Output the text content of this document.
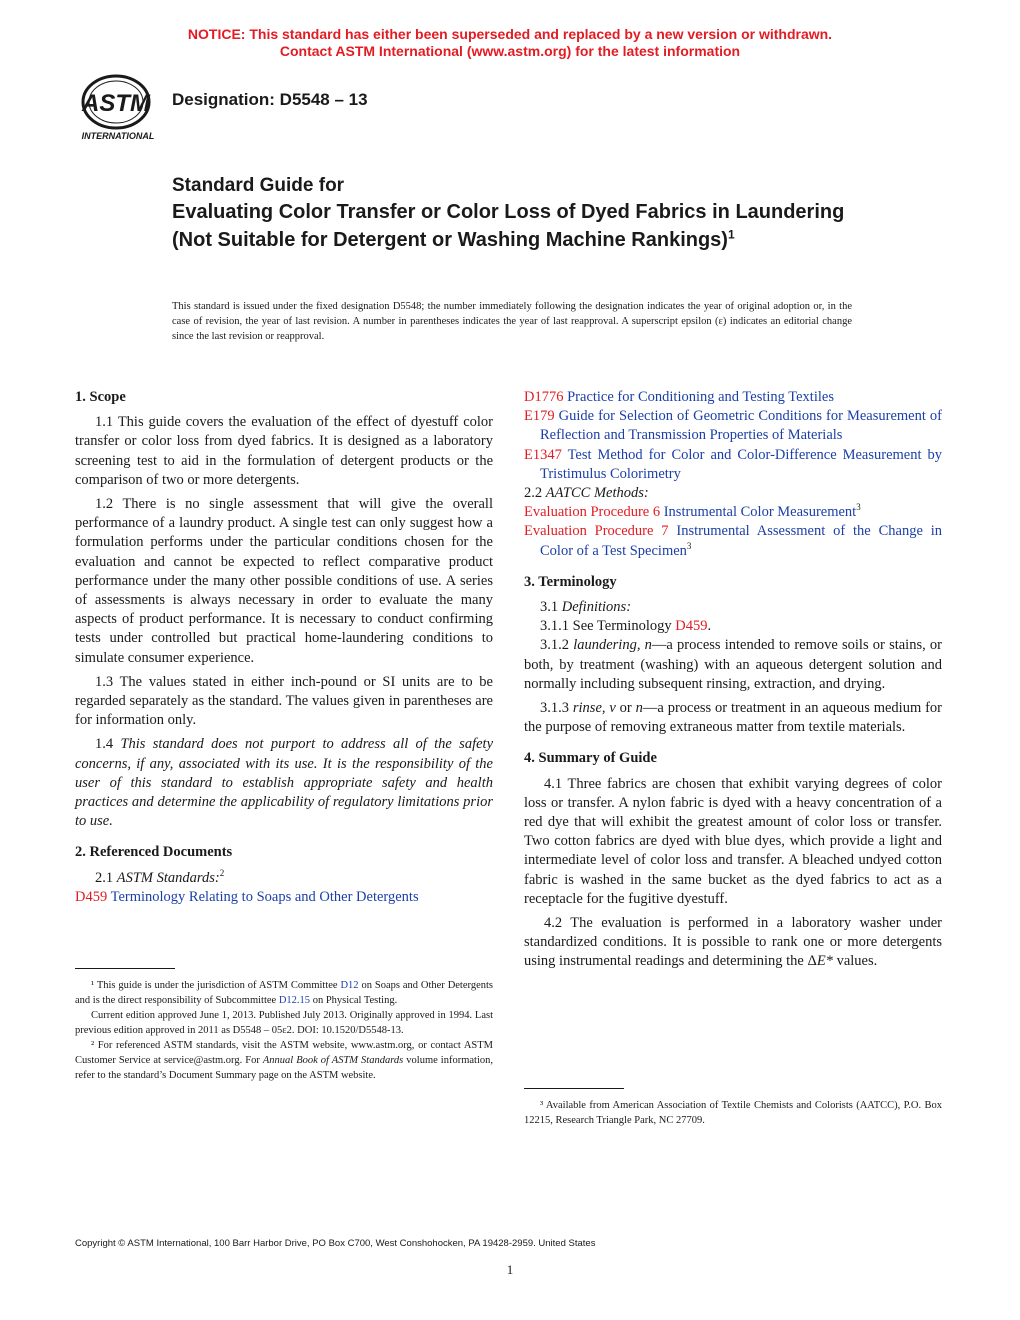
NOTICE: This standard has either been superseded and replaced by a new version or withdrawn.
Contact ASTM International (www.astm.org) for the latest information
ASTM
INTERNATIONAL
Designation: D5548 – 13
Standard Guide for
Evaluating Color Transfer or Color Loss of Dyed Fabrics in Laundering (Not Suitable for Detergent or Washing Machine Rankings)$^1$
This standard is issued under the fixed designation D5548; the number immediately following the designation indicates the year of original adoption or, in the case of revision, the year of last revision. A number in parentheses indicates the year of last reapproval. A superscript epsilon (ε) indicates an editorial change since the last revision or reapproval.
1. Scope
1.1 This guide covers the evaluation of the effect of dyestuff color transfer or color loss from dyed fabrics. It is designed as a laboratory screening test to aid in the formulation of detergent products or the comparison of two or more detergents.
1.2 There is no single assessment that will give the overall performance of a laundry product. A single test can only suggest how a formulation performs under the particular conditions chosen for the evaluation and cannot be expected to reflect comparative product performance under the many other possible conditions of use. A series of assessments is always necessary in order to evaluate the many aspects of product performance. It is necessary to conduct confirming tests under controlled but practical home-laundering conditions to simulate consumer experience.
1.3 The values stated in either inch-pound or SI units are to be regarded separately as the standard. The values given in parentheses are for information only.
1.4 This standard does not purport to address all of the safety concerns, if any, associated with its use. It is the responsibility of the user of this standard to establish appropriate safety and health practices and determine the applicability of regulatory limitations prior to use.
2. Referenced Documents
2.1 ASTM Standards:$^2$
D459 Terminology Relating to Soaps and Other Detergents

¹ This guide is under the jurisdiction of ASTM Committee D12 on Soaps and Other Detergents and is the direct responsibility of Subcommittee D12.15 on Physical Testing.

Current edition approved June 1, 2013. Published July 2013. Originally approved in 1994. Last previous edition approved in 2011 as D5548 – 05ε2. DOI: 10.1520/D5548-13.

² For referenced ASTM standards, visit the ASTM website, www.astm.org, or contact ASTM Customer Service at service@astm.org. For Annual Book of ASTM Standards volume information, refer to the standard’s Document Summary page on the ASTM website.

D1776 Practice for Conditioning and Testing Textiles
E179 Guide for Selection of Geometric Conditions for Measurement of Reflection and Transmission Properties of Materials
E1347 Test Method for Color and Color-Difference Measurement by Tristimulus Colorimetry
2.2 AATCC Methods:
Evaluation Procedure 6 Instrumental Color Measurement$^3$
Evaluation Procedure 7 Instrumental Assessment of the Change in Color of a Test Specimen$^3$
3. Terminology
3.1 Definitions:
3.1.1 See Terminology D459.
3.1.2 laundering, n—a process intended to remove soils or stains, or both, by treatment (washing) with an aqueous detergent solution and normally including subsequent rinsing, extraction, and drying.
3.1.3 rinse, v or n—a process or treatment in an aqueous medium for the purpose of removing extraneous matter from textile materials.
4. Summary of Guide
4.1 Three fabrics are chosen that exhibit varying degrees of color loss or transfer. A nylon fabric is dyed with a heavy concentration of a red dye that will exhibit the greatest amount of color loss or transfer. Two cotton fabrics are dyed with blue dyes, which provide a light and intermediate level of color loss and transfer. A bleached undyed cotton fabric is washed in the same bucket as the dyed fabrics to act as a receptacle for the fugitive dyestuff.
4.2 The evaluation is performed in a laboratory washer under standardized conditions. It is possible to rank one or more detergents using instrumental readings and determining the ΔE* values.

³ Available from American Association of Textile Chemists and Colorists (AATCC), P.O. Box 12215, Research Triangle Park, NC 27709.

Copyright © ASTM International, 100 Barr Harbor Drive, PO Box C700, West Conshohocken, PA 19428-2959. United States
1
